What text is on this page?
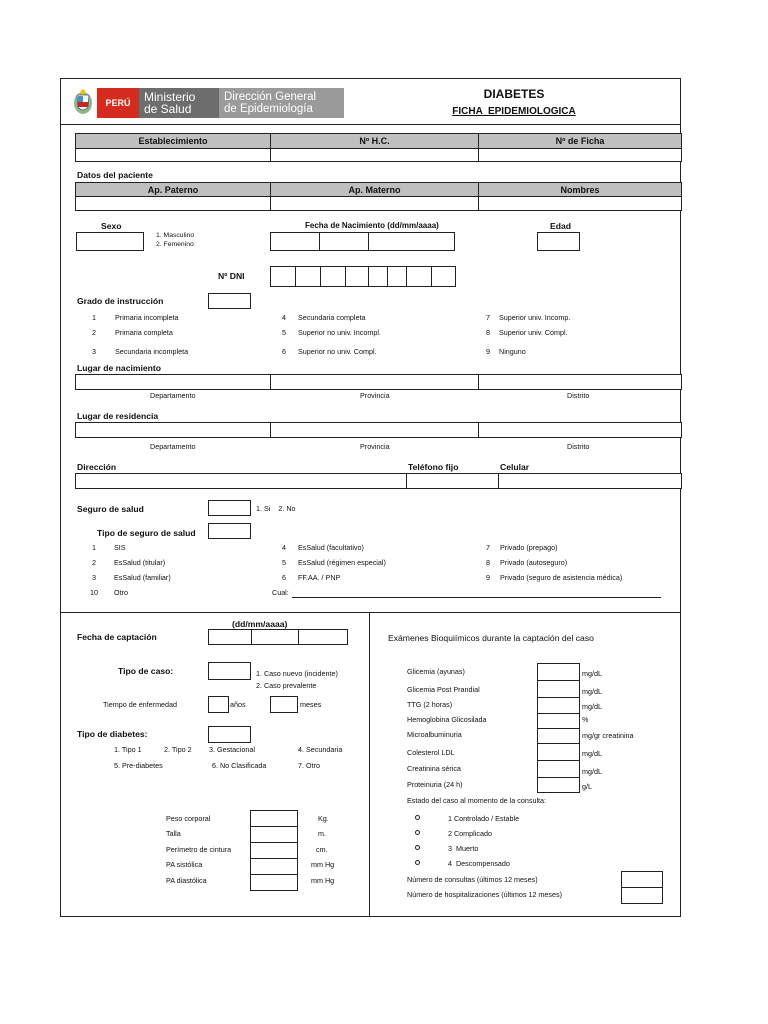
PERÚ Ministerio
de Salud
Dirección General
de Epidemiología
DIABETES
FICHA  EPIDEMIOLOGICA
Establecimiento	Nº H.C.	Nº de Ficha
Datos del paciente
Ap. Paterno	Ap. Materno	Nombres
Sexo
1. Masculino
2. Femenino
Fecha de Nacimiento (dd/mm/aaaa)	Edad
Nº DNI
Grado de instrucción
1	Primaria incompleta
2	Primaria completa
3	Secundaria incompleta
4 Secundaria completa
5 Superior no univ. Incompl.
6 Superior no univ. Compl.
7 Superior univ. Incomp.
8 Superior univ. Compl.
9 Ninguno
Lugar de nacimiento
Departamento	Provincia	Distrito
Lugar de residencia
Departamento	Provincia	Distrito
Dirección	Teléfono fijo	Celular
Seguro de salud	1. Si    2. No
Tipo de seguro de salud
1	SIS
2	EsSalud (titular)
3	EsSalud (familiar)
10 Otro
4 EsSalud (facultativo)
5 EsSalud (régimen especial)
6 FF.AA. / PNP
Cual:
7 Privado (prepago)
8 Privado (autoseguro)
9 Privado (seguro de asistencia médica)
(dd/mm/aaaa)
Fecha de captación
Tipo de caso:	1. Caso nuevo (incidente)
2. Caso prevalente
Tiempo de enfermedad	años	meses
Tipo de diabetes:
1. Tipo 1	2. Tipo 2 3. Gestacional	4. Secundaria
5. Pre-diabetes	6. No Clasificada	7. Otro
Peso corporal	Kg.
Talla	m.
Perímetro de cintura	cm.
PA sistólica	mm Hg
PA diastólica	mm Hg
Exámenes Bioquiímicos durante la captación del caso
Glicemia (ayunas)	mg/dL
Glicemia Post Prandial	mg/dL
TTG (2 horas)	mg/dL
Hemoglobina Glicosilada	%
Microalbuminuria	mg/gr creatinina
Colesterol LDL	mg/dL
Creatinina sérica	mg/dL
Proteinuria (24 h)	g/L
Estado del caso al momento de la consulta:
1 Controlado / Estable
2 Complicado
3  Muerto
4  Descompensado
Número de consultas (últimos 12 meses)
Número de hospitalizaciones (últimos 12 meses)
